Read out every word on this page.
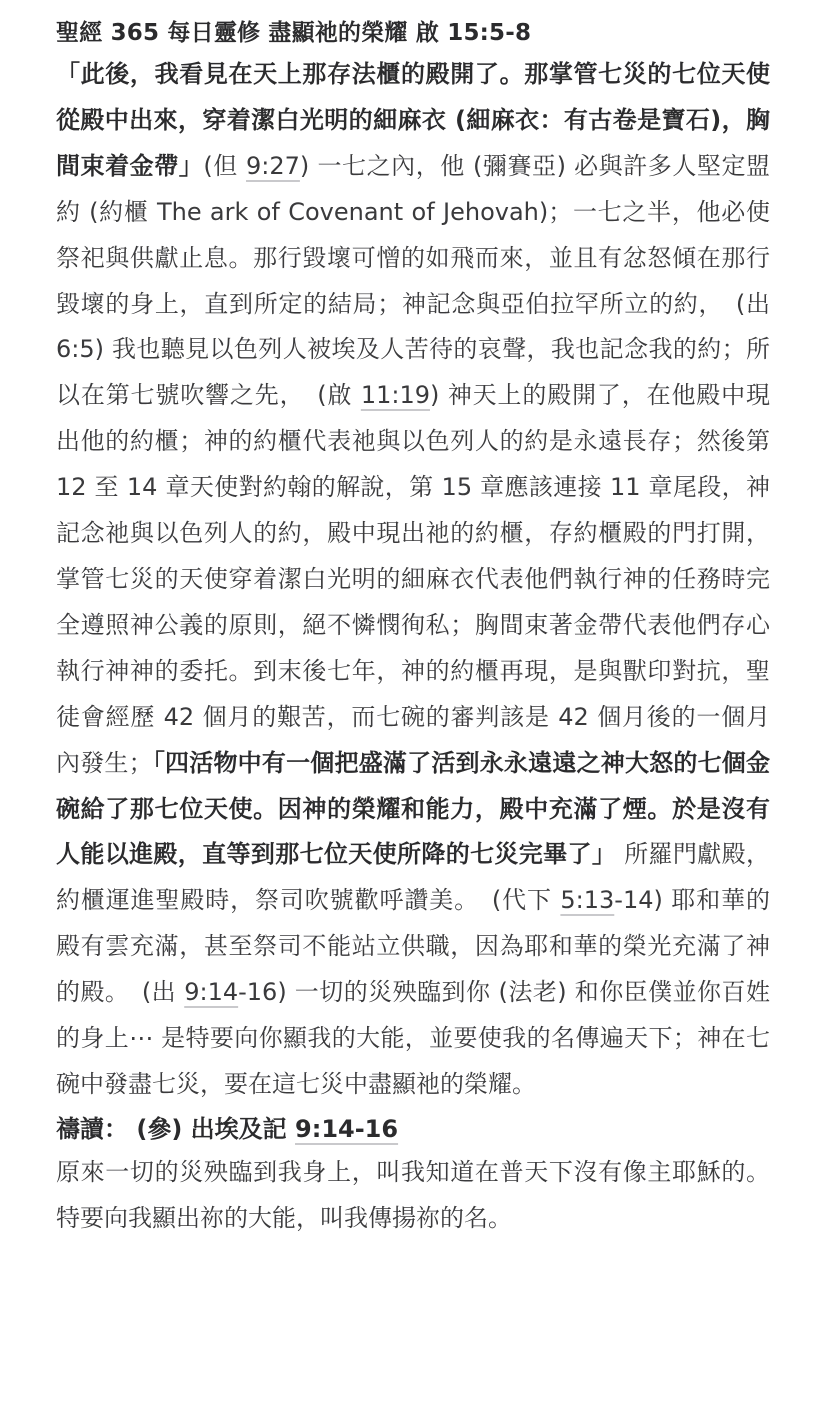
聖經 365 每日靈修 盡顯祂的榮耀 啟 15:5-8

「此後，我看見在天上那存法櫃的殿開了。那掌管七災的七位天使從殿中出來，穿着潔白光明的細麻衣 (細麻衣：有古卷是寶石)，胸間束着金帶」(但 9:27) 一七之內，他 (彌賽亞) 必與許多人堅定盟約 (約櫃 The ark of Covenant of Jehovah)；一七之半，他必使祭祀與供獻止息。那行毀壞可憎的如飛而來，並且有忿怒傾在那行毀壞的身上，直到所定的結局；神記念與亞伯拉罕所立的約，　(出 6:5) 我也聽見以色列人被埃及人苦待的哀聲，我也記念我的約；所以在第七號吹響之先，　(啟 11:19) 神天上的殿開了，在他殿中現出他的約櫃；神的約櫃代表祂與以色列人的約是永遠長存；然後第 12 至 14 章天使對約翰的解說，第 15 章應該連接 11 章尾段，神記念祂與以色列人的約，殿中現出祂的約櫃，存約櫃殿的門打開，掌管七災的天使穿着潔白光明的細麻衣代表他們執行神的任務時完全遵照神公義的原則，絕不憐憫徇私；胸間束著金帶代表他們存心執行神神的委托。到末後七年，神的約櫃再現，是與獸印對抗，聖徒會經歷 42 個月的艱苦，而七碗的審判該是 42 個月後的一個月內發生；「四活物中有一個把盛滿了活到永永遠遠之神大怒的七個金碗給了那七位天使。因神的榮耀和能力，殿中充滿了煙。於是沒有人能以進殿，直等到那七位天使所降的七災完畢了」 所羅門獻殿，約櫃運進聖殿時，祭司吹號歡呼讚美。　(代下 5:13-14) 耶和華的殿有雲充滿，甚至祭司不能站立供職，因為耶和華的榮光充滿了神的殿。　(出 9:14-16) 一切的災殃臨到你 (法老) 和你臣僕並你百姓的身上⋯ 是特要向你顯我的大能，並要使我的名傳遍天下；神在七碗中發盡七災，要在這七災中盡顯祂的榮耀。

禱讀： (參) 出埃及記 9:14-16

原來一切的災殃臨到我身上，叫我知道在普天下沒有像主耶穌的。特要向我顯出祢的大能，叫我傳揚祢的名。
